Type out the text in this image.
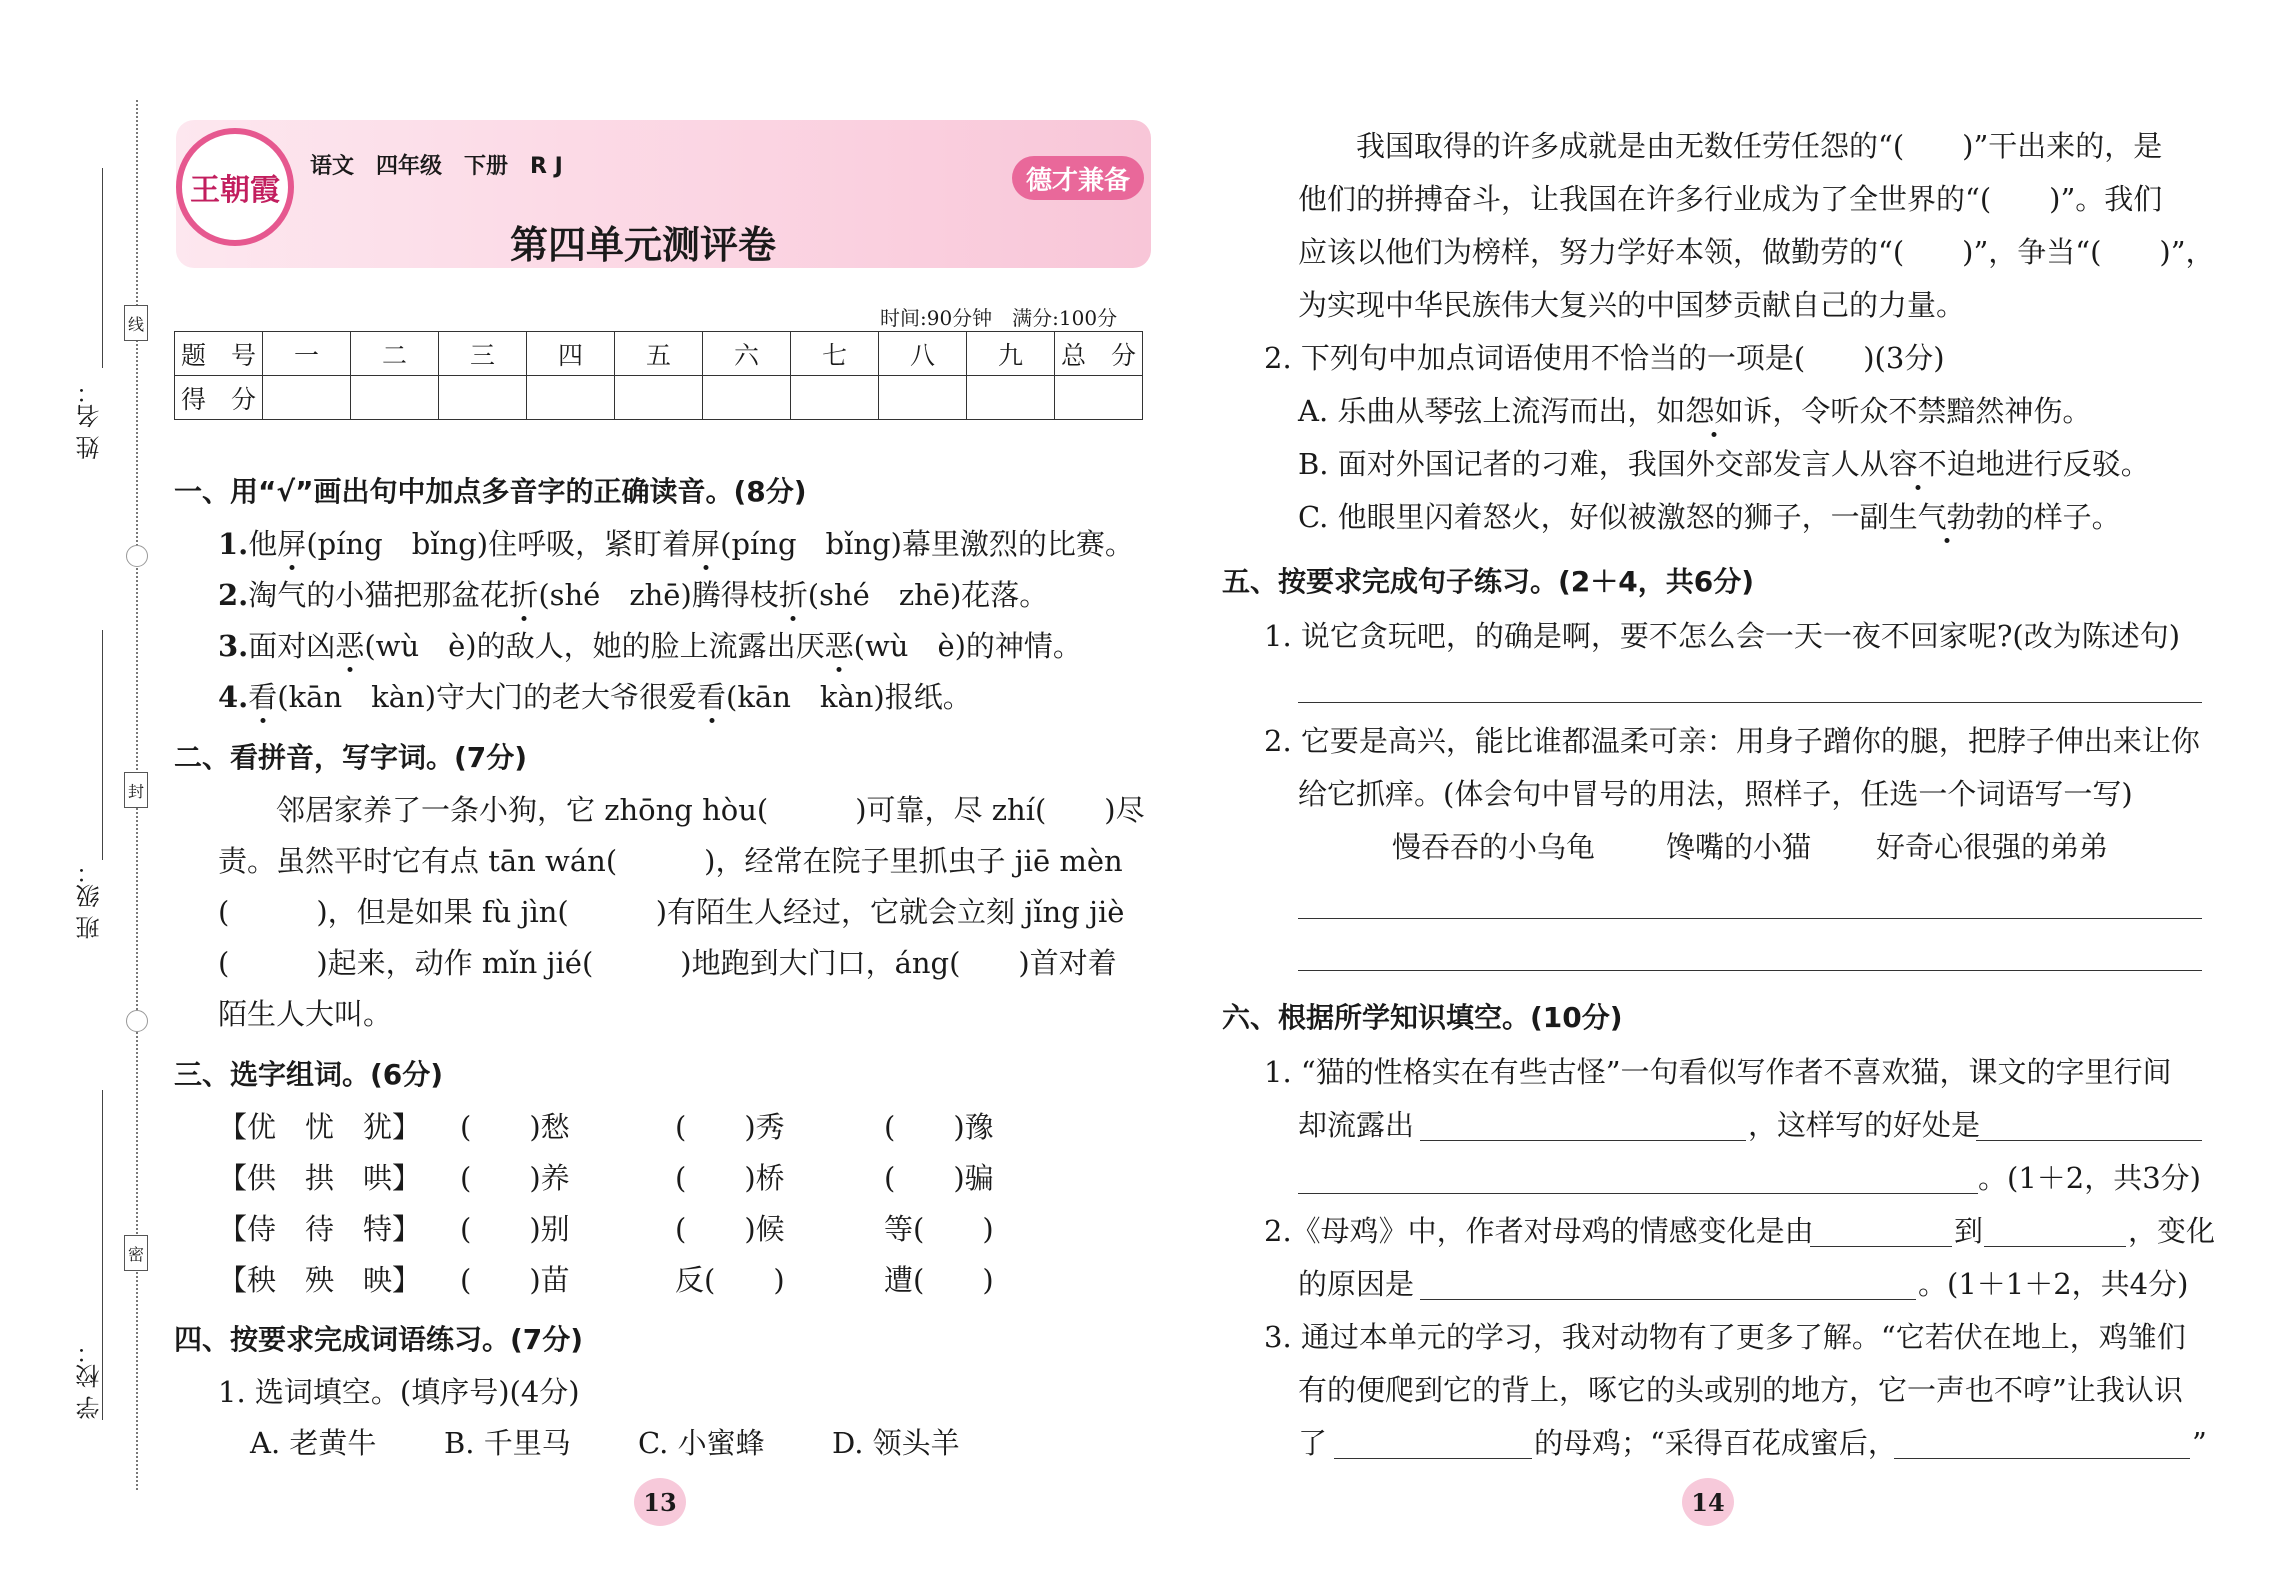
姓 名：
班 级：
学 校：
线
封
密
王朝霞
语文　四年级　下册　R J	德才兼备
第四单元测评卷
时间:90分钟　满分:100分
题　号	一	二	三	四	五	六	七	八	九	总　分
得　分										
一、用“√”画出句中加点多音字的正确读音。(8分)
1.他屏(píng　bǐng)住呼吸，紧盯着屏(píng　bǐng)幕里激烈的比赛。
2.淘气的小猫把那盆花折(shé　zhē)腾得枝折(shé　zhē)花落。
3.面对凶恶(wù　è)的敌人，她的脸上流露出厌恶(wù　è)的神情。
4.看(kān　kàn)守大门的老大爷很爱看(kān　kàn)报纸。
二、看拼音，写字词。(7分)
邻居家养了一条小狗，它 zhōng hòu(　　　)可靠，尽 zhí(　　)尽
责。虽然平时它有点 tān wán(　　　)，经常在院子里抓虫子 jiē mèn
(　　　)，但是如果 fù jìn(　　　)有陌生人经过，它就会立刻 jǐng jiè
(　　　)起来，动作 mǐn jié(　　　)地跑到大门口，áng(　　)首对着
陌生人大叫。
三、选字组词。(6分)
【优　忧　犹】 (　　)愁	(　　)秀	(　　)豫
【供　拱　哄】 (　　)养	(　　)桥	(　　)骗
【侍　待　特】 (　　)别	(　　)候	等(　　)
【秧　殃　映】 (　　)苗	反(　　)	遭(　　)
四、按要求完成词语练习。(7分)
1. 选词填空。(填序号)(4分)
A. 老黄牛 B. 千里马 C. 小蜜蜂 D. 领头羊
13
我国取得的许多成就是由无数任劳任怨的“(　　)”干出来的，是
他们的拼搏奋斗，让我国在许多行业成为了全世界的“(　　)”。我们
应该以他们为榜样，努力学好本领，做勤劳的“(　　)”，争当“(　　)”，
为实现中华民族伟大复兴的中国梦贡献自己的力量。
2. 下列句中加点词语使用不恰当的一项是(　　)(3分)
A. 乐曲从琴弦上流泻而出，如怨如诉，令听众不禁黯然神伤。
B. 面对外国记者的刁难，我国外交部发言人从容不迫地进行反驳。
C. 他眼里闪着怒火，好似被激怒的狮子，一副生气勃勃的样子。
五、按要求完成句子练习。(2＋4，共6分)
1. 说它贪玩吧，的确是啊，要不怎么会一天一夜不回家呢?(改为陈述句)
2. 它要是高兴，能比谁都温柔可亲：用身子蹭你的腿，把脖子伸出来让你
给它抓痒。(体会句中冒号的用法，照样子，任选一个词语写一写)
慢吞吞的小乌龟 馋嘴的小猫 好奇心很强的弟弟
六、根据所学知识填空。(10分)
1. “猫的性格实在有些古怪”一句看似写作者不喜欢猫，课文的字里行间
却流露出	，这样写的好处是
。(1＋2，共3分)
2.《母鸡》中，作者对母鸡的情感变化是由	到	，变化
的原因是	。(1＋1＋2，共4分)
3. 通过本单元的学习，我对动物有了更多了解。“它若伏在地上，鸡雏们
有的便爬到它的背上，啄它的头或别的地方，它一声也不哼”让我认识
了	的母鸡；“采得百花成蜜后，	”
14
